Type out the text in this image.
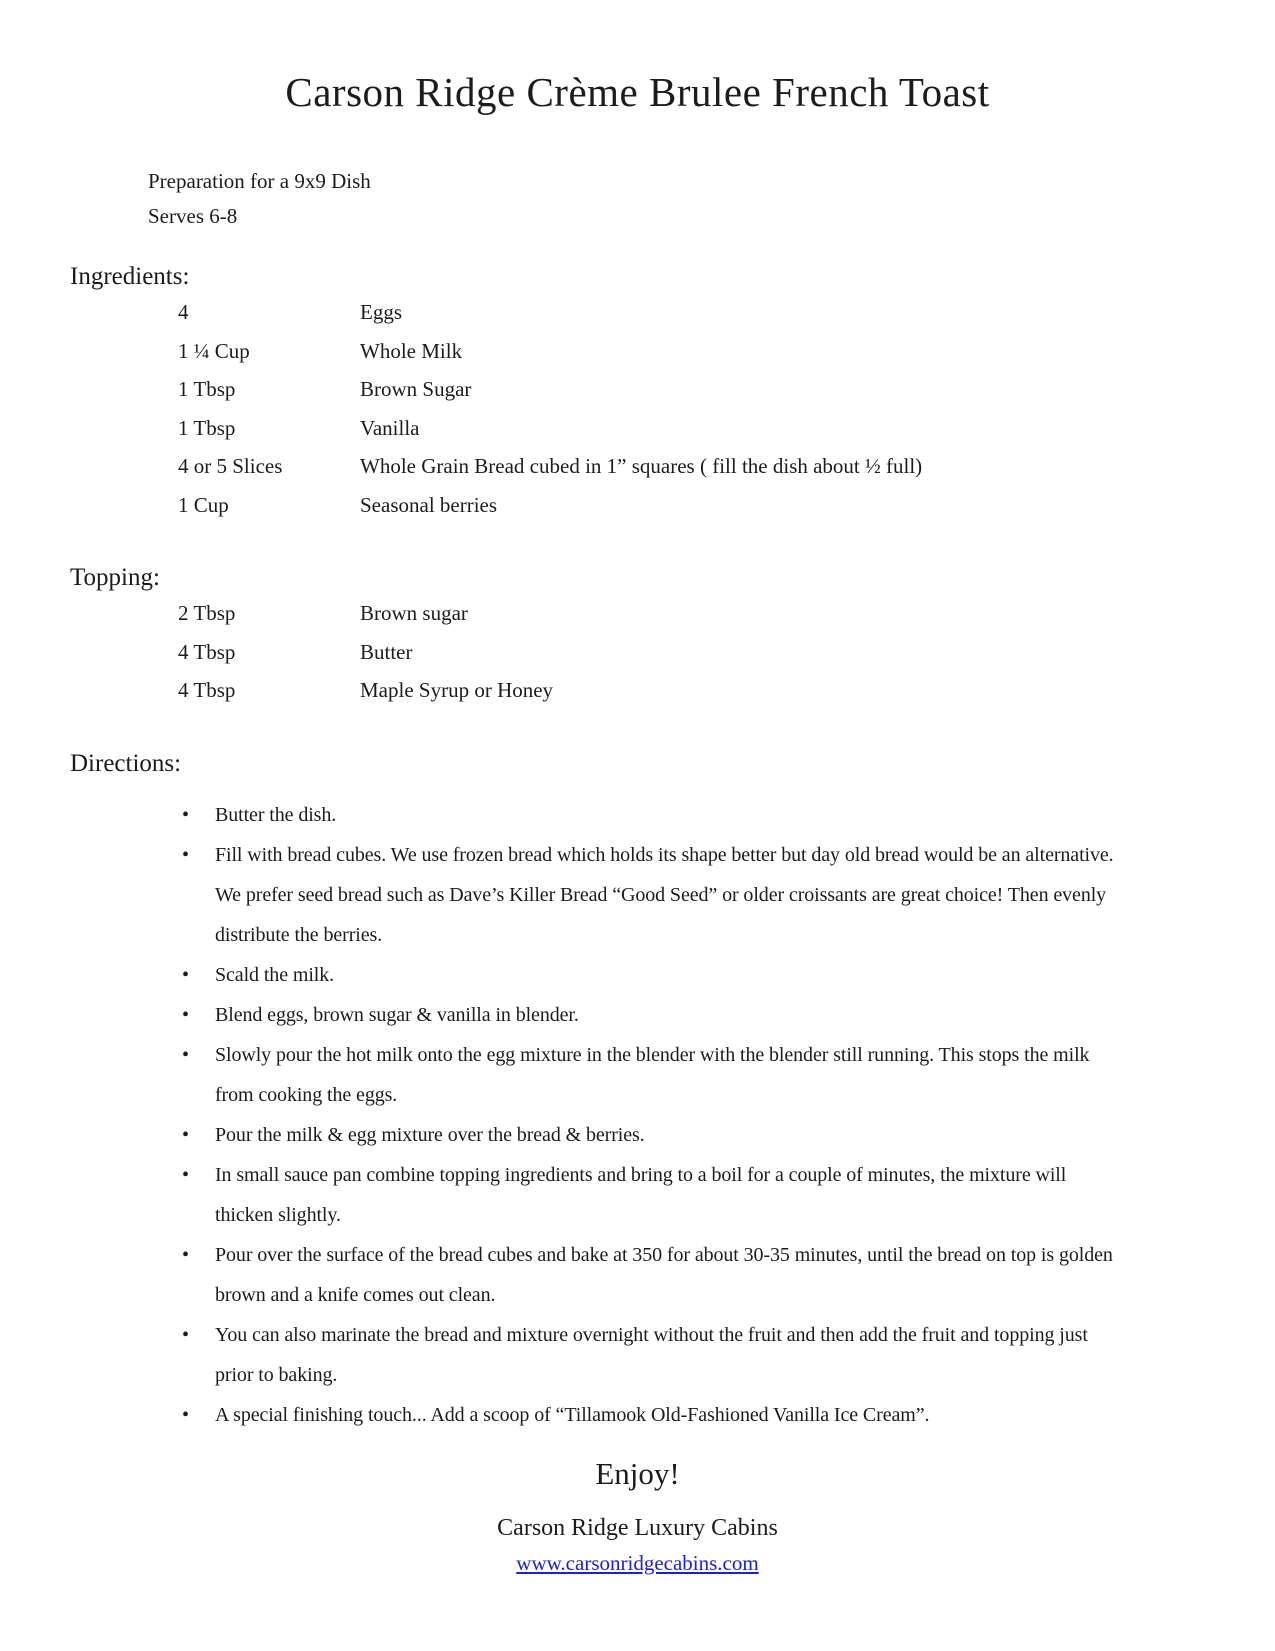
Carson Ridge Crème Brulee French Toast
Preparation for a 9x9 Dish
Serves 6-8
Ingredients:
4	Eggs
1 ¼ Cup	Whole Milk
1 Tbsp	Brown Sugar
1 Tbsp	Vanilla
4 or 5 Slices	Whole Grain Bread cubed in 1” squares ( fill the dish about ½ full)
1 Cup	Seasonal berries
Topping:
2 Tbsp	Brown sugar
4 Tbsp	Butter
4 Tbsp	Maple Syrup or Honey
Directions:
• Butter the dish.
• Fill with bread cubes. We use frozen bread which holds its shape better but day old bread would be an alternative. We prefer seed bread such as Dave’s Killer Bread “Good Seed” or older croissants are great choice! Then evenly distribute the berries.
• Scald the milk.
• Blend eggs, brown sugar & vanilla in blender.
• Slowly pour the hot milk onto the egg mixture in the blender with the blender still running. This stops the milk from cooking the eggs.
• Pour the milk & egg mixture over the bread & berries.
• In small sauce pan combine topping ingredients and bring to a boil for a couple of minutes, the mixture will thicken slightly.
• Pour over the surface of the bread cubes and bake at 350 for about 30-35 minutes, until the bread on top is golden brown and a knife comes out clean.
• You can also marinate the bread and mixture overnight without the fruit and then add the fruit and topping just prior to baking.
• A special finishing touch... Add a scoop of “Tillamook Old-Fashioned Vanilla Ice Cream”.
Enjoy!
Carson Ridge Luxury Cabins
www.carsonridgecabins.com
